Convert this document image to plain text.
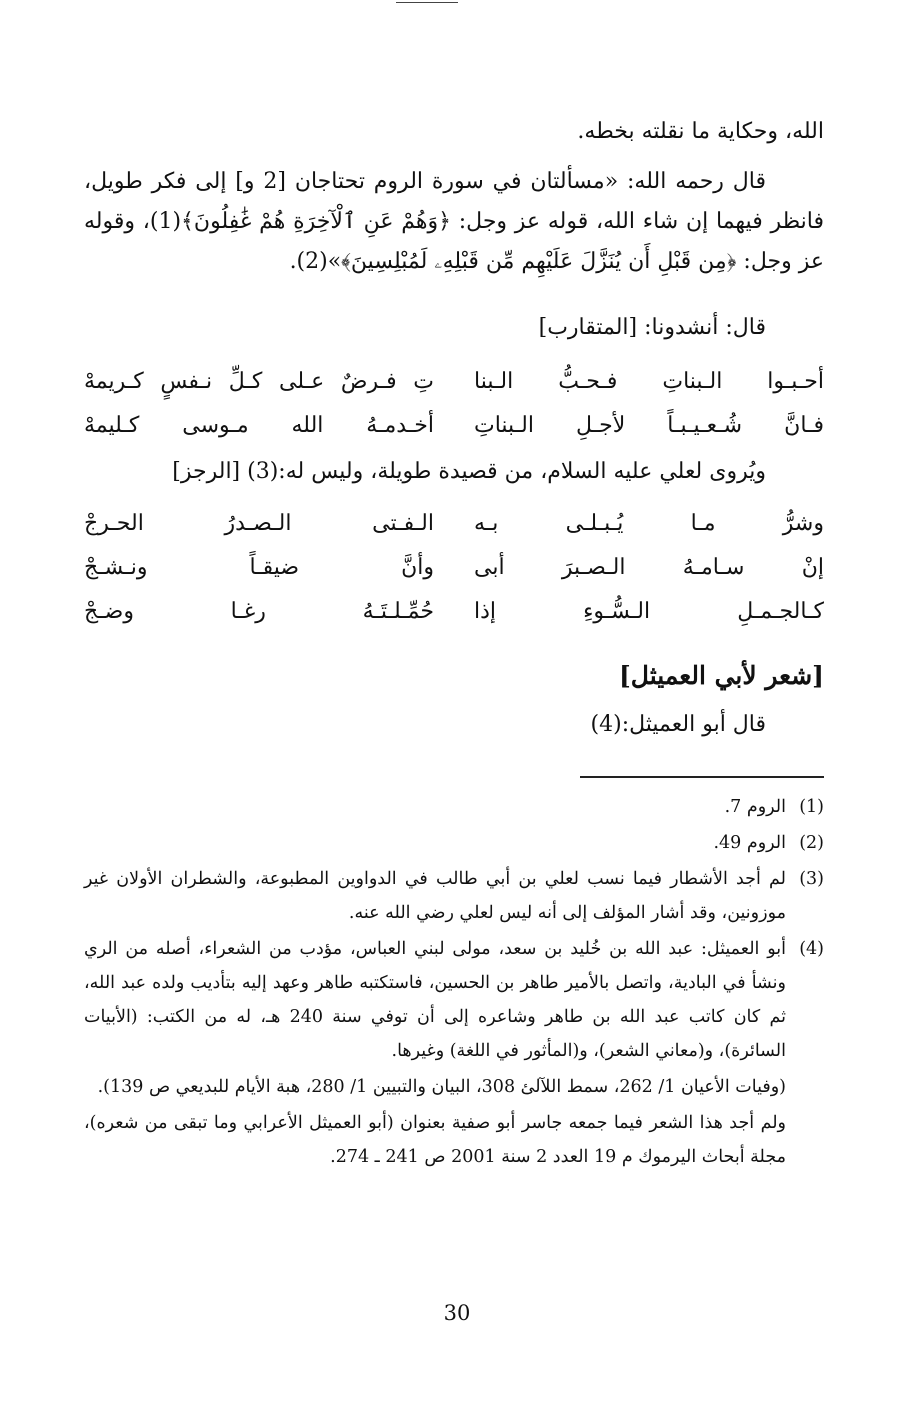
الله، وحكاية ما نقلته بخطه.

قال رحمه الله: «مسألتان في سورة الروم تحتاجان [2 و] إلى فكر طويل، فانظر فيهما إن شاء الله، قوله عز وجل: ﴿وَهُمْ عَنِ ٱلْآخِرَةِ هُمْ غَٰفِلُونَ﴾(1)، وقوله عز وجل: ﴿مِن قَبْلِ أَن يُنَزَّلَ عَلَيْهِم مِّن قَبْلِهِۦ لَمُبْلِسِينَ﴾»(2).

قال: أنشدونا: [المتقارب]

أحـبـوا الـبناتِ فـحـبُّ الـبنا
تِ فـرضٌ عـلى كـلِّ نـفسٍ كـريمهْ
فـانَّ شُـعـيـبـاً لأجـلِ الـبناتِ
أخـدمـهُ الله مـوسى كـليمهْ

ويُروى لعلي عليه السلام، من قصيدة طويلة، وليس له:(3) [الرجز]

وشرُّ مـا يُـبـلـى بـه
الـفـتى الـصـدرُ الحـرجْ
إنْ سـامـهُ الـصـبرَ أبى
وأنَّ ضيقـاً ونـشـجْ
كـالجـمـلِ الـسُّـوءِ إذا
حُمِّـلـتَـهُ رغـا وضـجْ
[شعر لأبي العميثل]

قال أبو العميثل:(4)

(1)
الروم 7.
(2)
الروم 49.
(3)
لم أجد الأشطار فيما نسب لعلي بن أبي طالب في الدواوين المطبوعة، والشطران الأولان غير موزونين، وقد أشار المؤلف إلى أنه ليس لعلي رضي الله عنه.
(4)
أبو العميثل: عبد الله بن خُليد بن سعد، مولى لبني العباس، مؤدب من الشعراء، أصله من الري ونشأ في البادية، واتصل بالأمير طاهر بن الحسين، فاستكتبه طاهر وعهد إليه بتأديب ولده عبد الله، ثم كان كاتب عبد الله بن طاهر وشاعره إلى أن توفي سنة 240 هـ، له من الكتب: (الأبيات السائرة)، و(معاني الشعر)، و(المأثور في اللغة) وغيرها.
(وفيات الأعيان 1/ 262، سمط اللآلئ 308، البيان والتبيين 1/ 280، هبة الأيام للبديعي ص 139).
ولم أجد هذا الشعر فيما جمعه جاسر أبو صفية بعنوان (أبو العميثل الأعرابي وما تبقى من شعره)، مجلة أبحاث اليرموك م 19 العدد 2 سنة 2001 ص 241 ـ 274.
30
